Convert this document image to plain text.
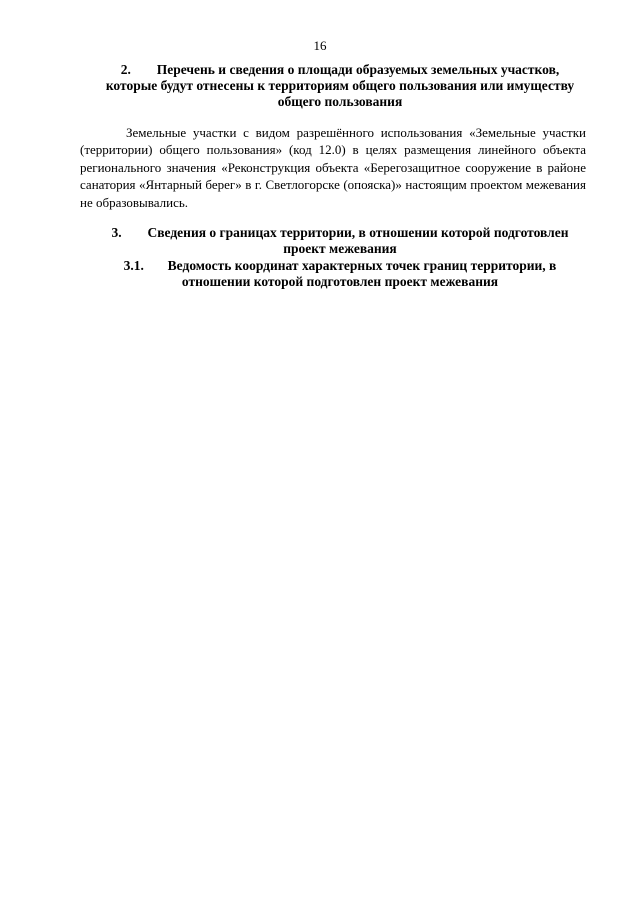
16
2. Перечень и сведения о площади образуемых земельных участков,
которые будут отнесены к территориям общего пользования или имуществу
общего пользования
Земельные участки с видом разрешённого использования «Земельные участки (территории) общего пользования» (код 12.0) в целях размещения линейного объекта регионального значения «Реконструкция объекта «Берегозащитное сооружение в районе санатория «Янтарный берег» в г. Светлогорске (опояска)» настоящим проектом межевания не образовывались.
3. Сведения о границах территории, в отношении которой подготовлен
проект межевания
3.1. Ведомость координат характерных точек границ территории, в
отношении которой подготовлен проект межевания
